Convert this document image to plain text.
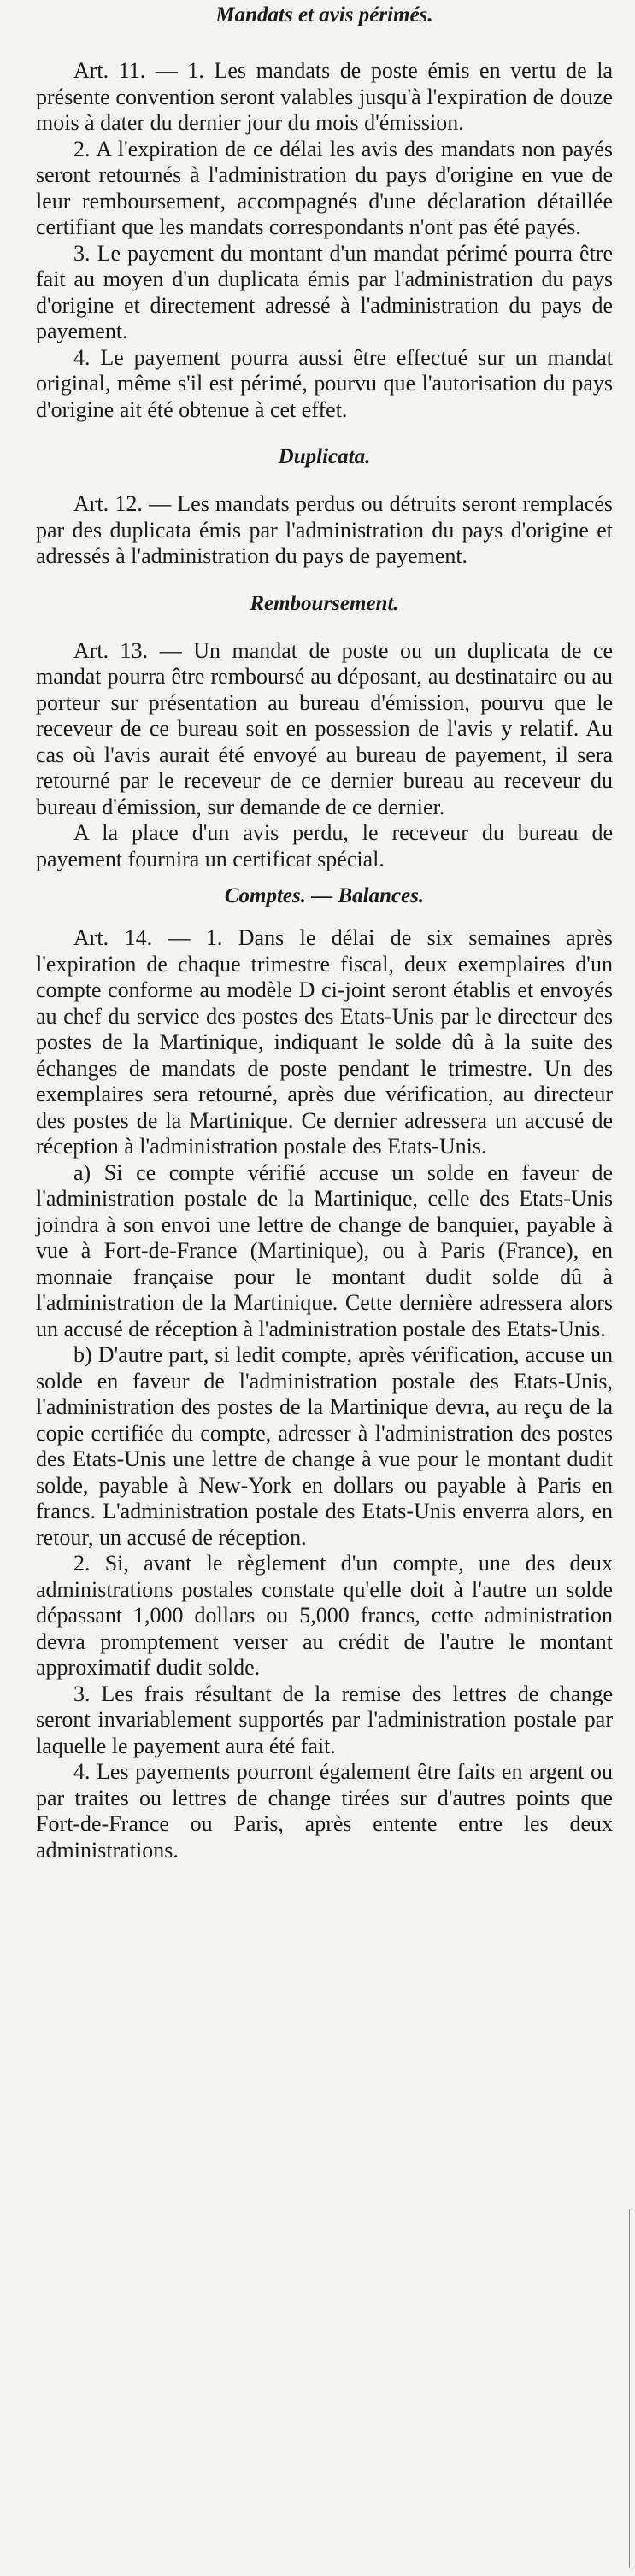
Mandats et avis périmés.

Art. 11. — 1. Les mandats de poste émis en vertu de la présente convention seront valables jusqu'à l'expiration de douze mois à dater du dernier jour du mois d'émission.

2. A l'expiration de ce délai les avis des mandats non payés seront retournés à l'administration du pays d'origine en vue de leur remboursement, accompagnés d'une déclaration détaillée certifiant que les mandats correspondants n'ont pas été payés.

3. Le payement du montant d'un mandat périmé pourra être fait au moyen d'un duplicata émis par l'administration du pays d'origine et directement adressé à l'administration du pays de payement.

4. Le payement pourra aussi être effectué sur un mandat original, même s'il est périmé, pourvu que l'autorisation du pays d'origine ait été obtenue à cet effet.

Duplicata.

Art. 12. — Les mandats perdus ou détruits seront remplacés par des duplicata émis par l'administration du pays d'origine et adressés à l'administration du pays de payement.

Remboursement.

Art. 13. — Un mandat de poste ou un duplicata de ce mandat pourra être remboursé au déposant, au destinataire ou au porteur sur présentation au bureau d'émission, pourvu que le receveur de ce bureau soit en possession de l'avis y relatif. Au cas où l'avis aurait été envoyé au bureau de payement, il sera retourné par le receveur de ce dernier bureau au receveur du bureau d'émission, sur demande de ce dernier.

A la place d'un avis perdu, le receveur du bureau de payement fournira un certificat spécial.

Comptes. — Balances.

Art. 14. — 1. Dans le délai de six semaines après l'expiration de chaque trimestre fiscal, deux exemplaires d'un compte conforme au modèle D ci-joint seront établis et envoyés au chef du service des postes des Etats-Unis par le directeur des postes de la Martinique, indiquant le solde dû à la suite des échanges de mandats de poste pendant le trimestre. Un des exemplaires sera retourné, après due vérification, au directeur des postes de la Martinique. Ce dernier adressera un accusé de réception à l'administration postale des Etats-Unis.

a) Si ce compte vérifié accuse un solde en faveur de l'administration postale de la Martinique, celle des Etats-Unis joindra à son envoi une lettre de change de banquier, payable à vue à Fort-de-France (Martinique), ou à Paris (France), en monnaie française pour le montant dudit solde dû à l'administration de la Martinique. Cette dernière adressera alors un accusé de réception à l'administration postale des Etats-Unis.

b) D'autre part, si ledit compte, après vérification, accuse un solde en faveur de l'administration postale des Etats-Unis, l'administration des postes de la Martinique devra, au reçu de la copie certifiée du compte, adresser à l'administration des postes des Etats-Unis une lettre de change à vue pour le montant dudit solde, payable à New-York en dollars ou payable à Paris en francs. L'administration postale des Etats-Unis enverra alors, en retour, un accusé de réception.

2. Si, avant le règlement d'un compte, une des deux administrations postales constate qu'elle doit à l'autre un solde dépassant 1,000 dollars ou 5,000 francs, cette administration devra promptement verser au crédit de l'autre le montant approximatif dudit solde.

3. Les frais résultant de la remise des lettres de change seront invariablement supportés par l'administration postale par laquelle le payement aura été fait.

4. Les payements pourront également être faits en argent ou par traites ou lettres de change tirées sur d'autres points que Fort-de-France ou Paris, après entente entre les deux administrations.
